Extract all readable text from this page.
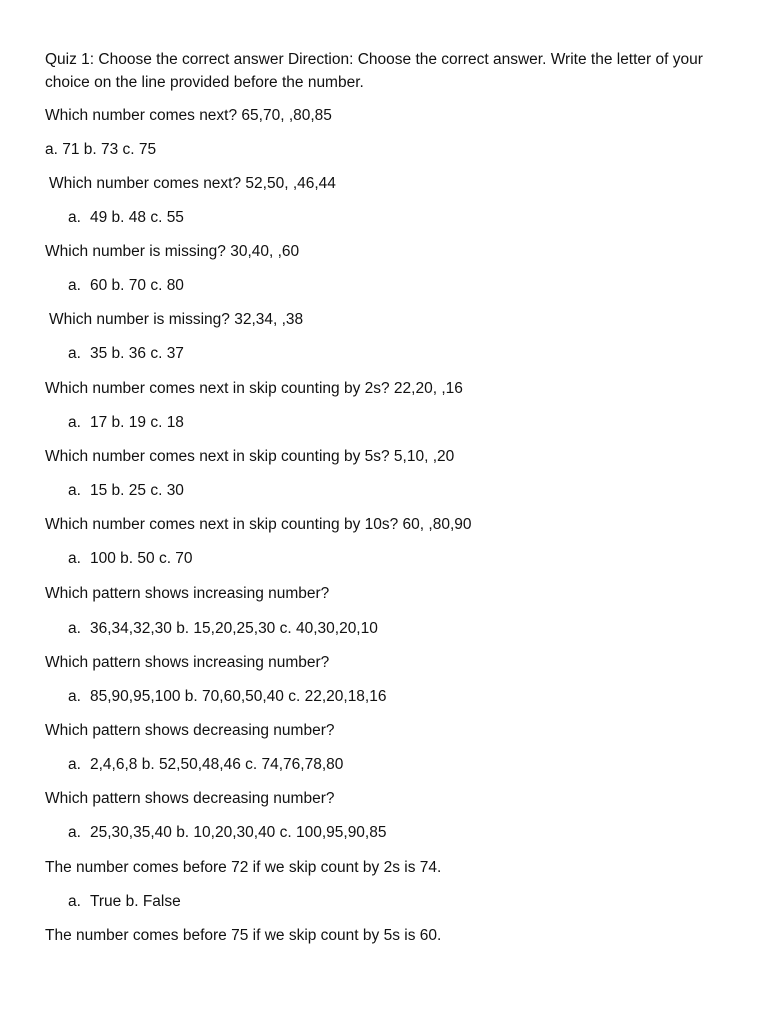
Quiz 1: Choose the correct answer Direction: Choose the correct answer. Write the letter of your choice on the line provided before the number.
Which number comes next? 65,70, ,80,85
a. 71 b. 73 c. 75
Which number comes next? 52,50, ,46,44
a. 49 b. 48 c. 55
Which number is missing? 30,40, ,60
a. 60 b. 70 c. 80
Which number is missing? 32,34, ,38
a. 35 b. 36 c. 37
Which number comes next in skip counting by 2s? 22,20, ,16
a. 17 b. 19 c. 18
Which number comes next in skip counting by 5s? 5,10, ,20
a. 15 b. 25 c. 30
Which number comes next in skip counting by 10s? 60, ,80,90
a. 100 b. 50 c. 70
Which pattern shows increasing number?
a. 36,34,32,30 b. 15,20,25,30 c. 40,30,20,10
Which pattern shows increasing number?
a. 85,90,95,100 b. 70,60,50,40 c. 22,20,18,16
Which pattern shows decreasing number?
a. 2,4,6,8 b. 52,50,48,46 c. 74,76,78,80
Which pattern shows decreasing number?
a. 25,30,35,40 b. 10,20,30,40 c. 100,95,90,85
The number comes before 72 if we skip count by 2s is 74.
a. True b. False
The number comes before 75 if we skip count by 5s is 60.
